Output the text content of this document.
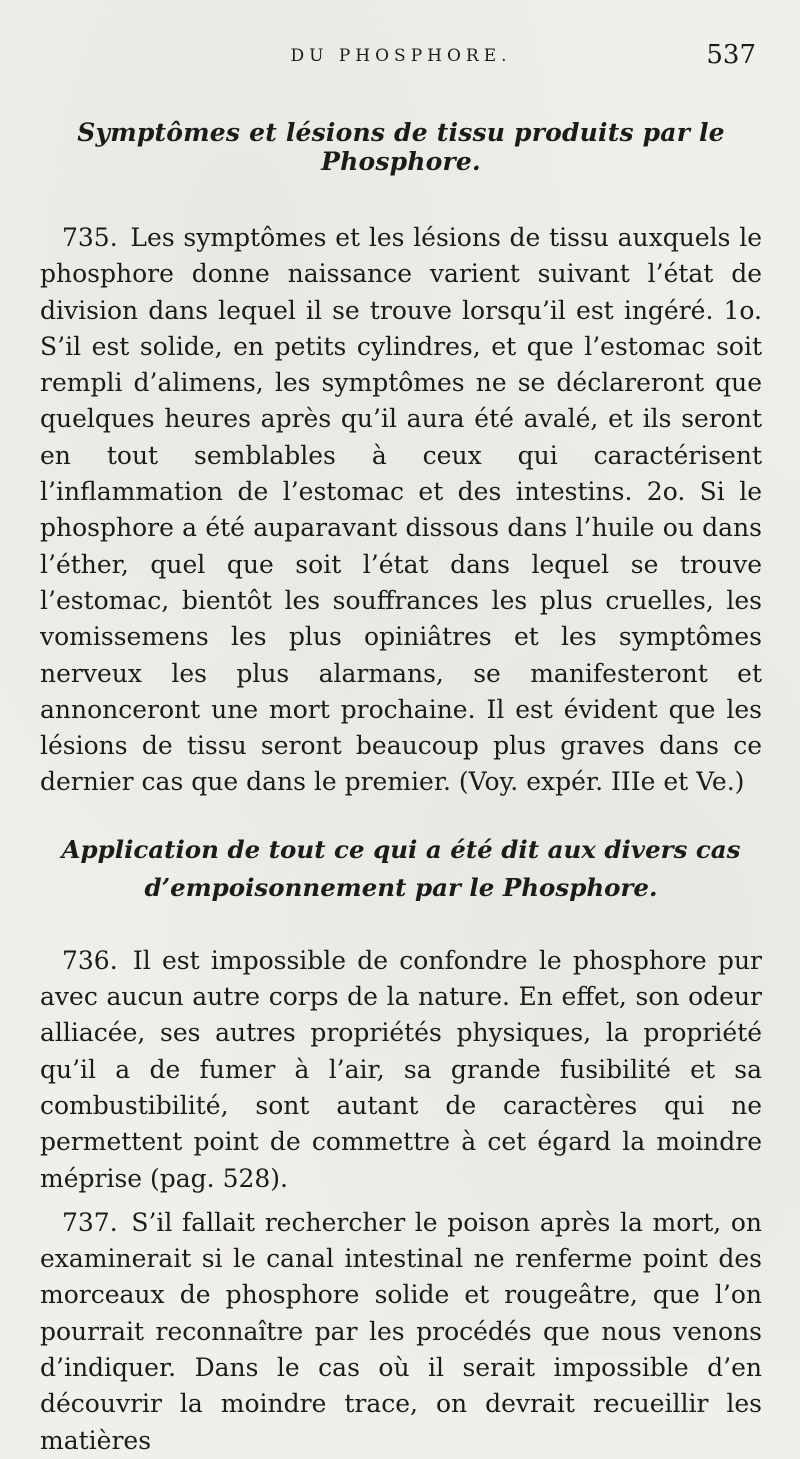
DU PHOSPHORE.	537
Symptômes et lésions de tissu produits par le Phosphore.

735. Les symptômes et les lésions de tissu auxquels le phosphore donne naissance varient suivant l’état de division dans lequel il se trouve lorsqu’il est ingéré. 1o. S’il est solide, en petits cylindres, et que l’estomac soit rempli d’alimens, les symptômes ne se déclareront que quelques heures après qu’il aura été avalé, et ils seront en tout semblables à ceux qui caractérisent l’inflammation de l’estomac et des intestins. 2o. Si le phosphore a été auparavant dissous dans l’huile ou dans l’éther, quel que soit l’état dans lequel se trouve l’estomac, bientôt les souffrances les plus cruelles, les vomissemens les plus opiniâtres et les symptômes nerveux les plus alarmans, se manifesteront et annonceront une mort prochaine. Il est évident que les lésions de tissu seront beaucoup plus graves dans ce dernier cas que dans le premier. (Voy. expér. IIIe et Ve.)

Application de tout ce qui a été dit aux divers cas d’empoisonnement par le Phosphore.

736. Il est impossible de confondre le phosphore pur avec aucun autre corps de la nature. En effet, son odeur alliacée, ses autres propriétés physiques, la propriété qu’il a de fumer à l’air, sa grande fusibilité et sa combustibilité, sont autant de caractères qui ne permettent point de commettre à cet égard la moindre méprise (pag. 528).

737. S’il fallait rechercher le poison après la mort, on examinerait si le canal intestinal ne renferme point des morceaux de phosphore solide et rougeâtre, que l’on pourrait reconnaître par les procédés que nous venons d’indiquer. Dans le cas où il serait impossible d’en découvrir la moindre trace, on devrait recueillir les matières
